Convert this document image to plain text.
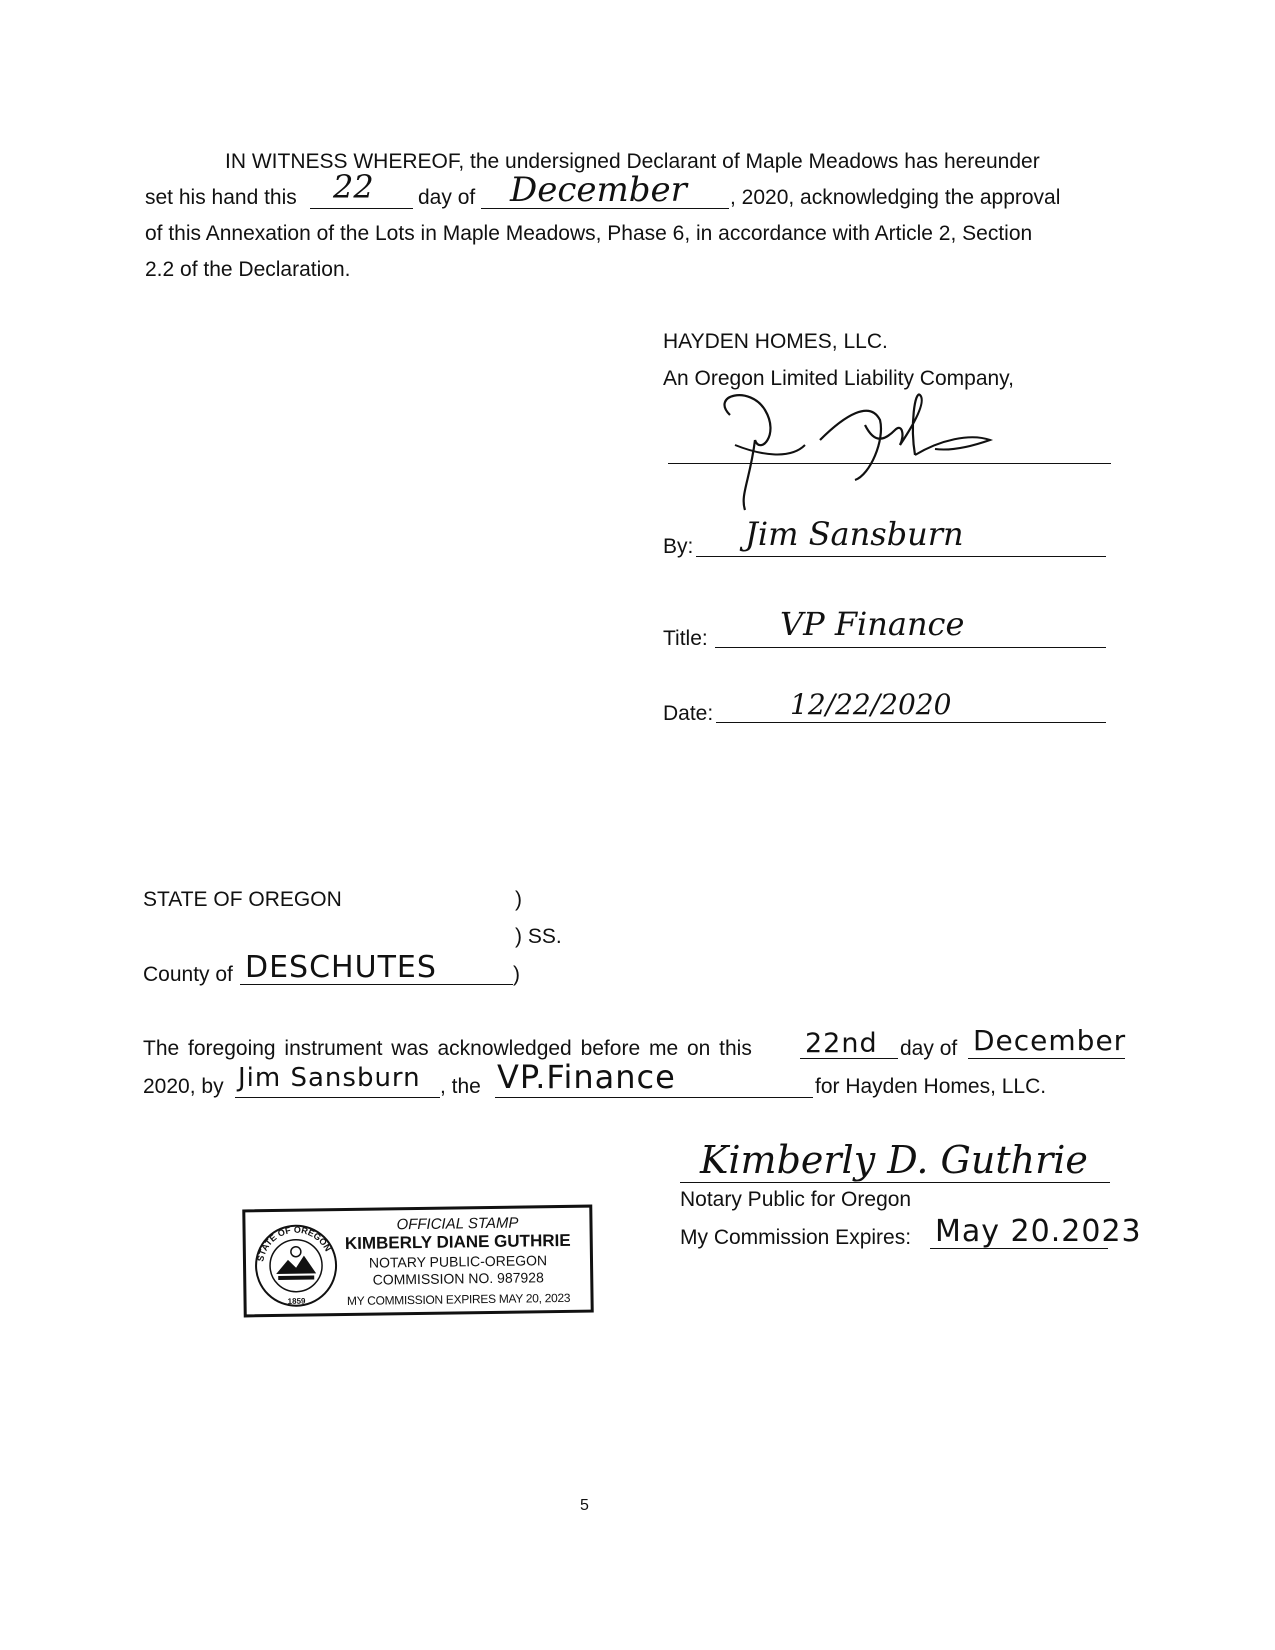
IN WITNESS WHEREOF, the undersigned Declarant of Maple Meadows has hereunder
set his hand this 22 day of December , 2020, acknowledging the approval
of this Annexation of the Lots in Maple Meadows, Phase 6, in accordance with Article 2, Section
2.2 of the Declaration.
HAYDEN HOMES, LLC.
An Oregon Limited Liability Company,
By: Jim Sansburn
Title: VP Finance
Date:	12/22/2020
STATE OF OREGON	)
) SS.
County of DESCHUTES	)
The foregoing instrument was acknowledged before me on this 22nd day of December
2020, by Jim Sansburn , the VP.Finance	for Hayden Homes, LLC.
Kimberly D. Guthrie
Notary Public for Oregon
My Commission Expires: May 20.2023
STATE OF OREGON
1859
OFFICIAL STAMP
KIMBERLY DIANE GUTHRIE
NOTARY PUBLIC-OREGON
COMMISSION NO. 987928
MY COMMISSION EXPIRES MAY 20, 2023
5
